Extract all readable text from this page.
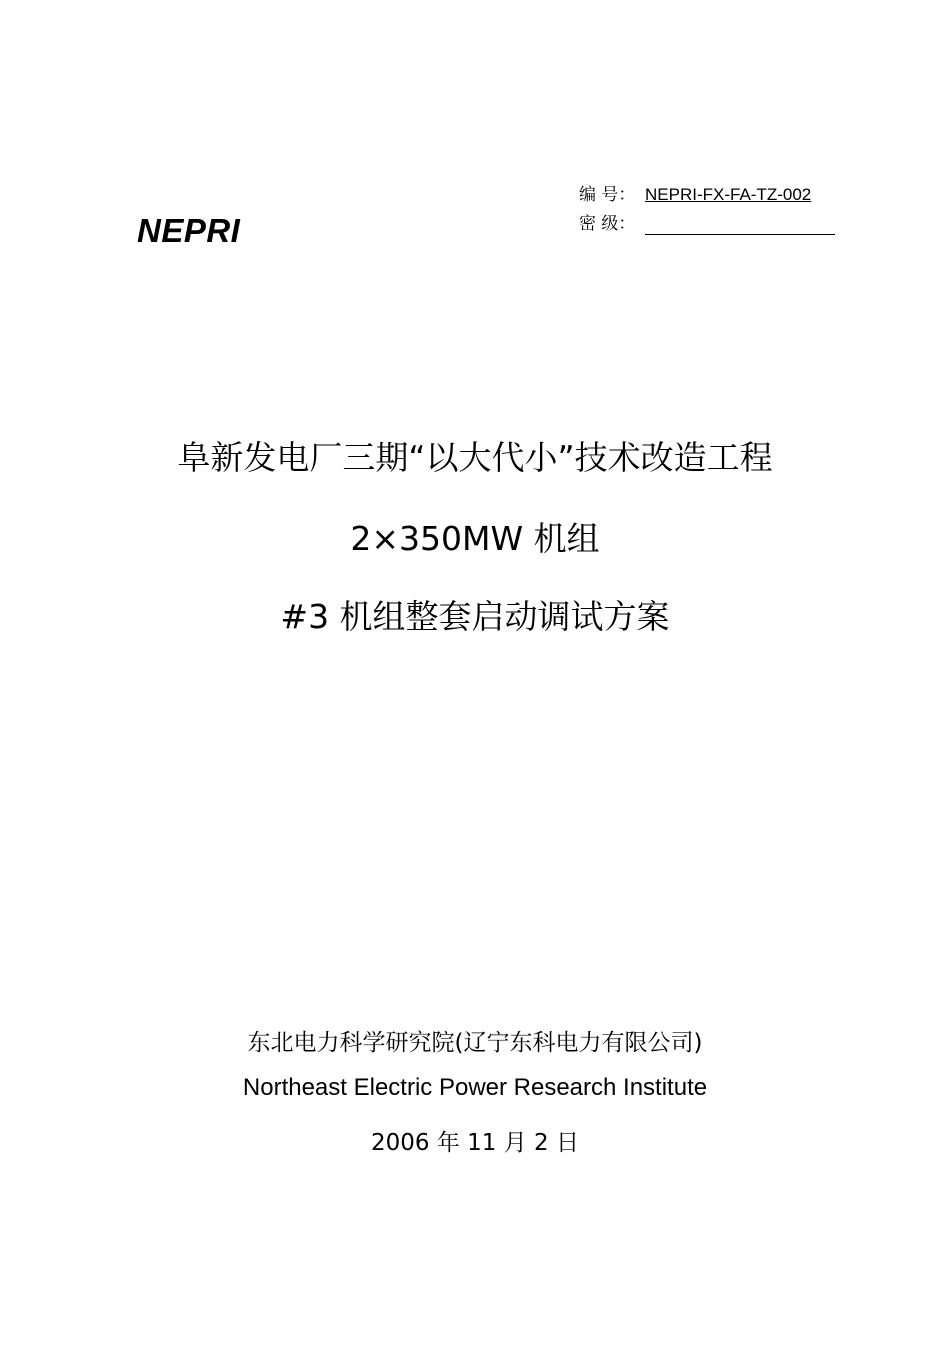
NEPRI
编 号： NEPRI-FX-FA-TZ-002
密 级：
阜新发电厂三期“以大代小”技术改造工程
2×350MW 机组
#3 机组整套启动调试方案
东北电力科学研究院(辽宁东科电力有限公司)
Northeast Electric Power Research Institute
2006 年 11 月 2 日
